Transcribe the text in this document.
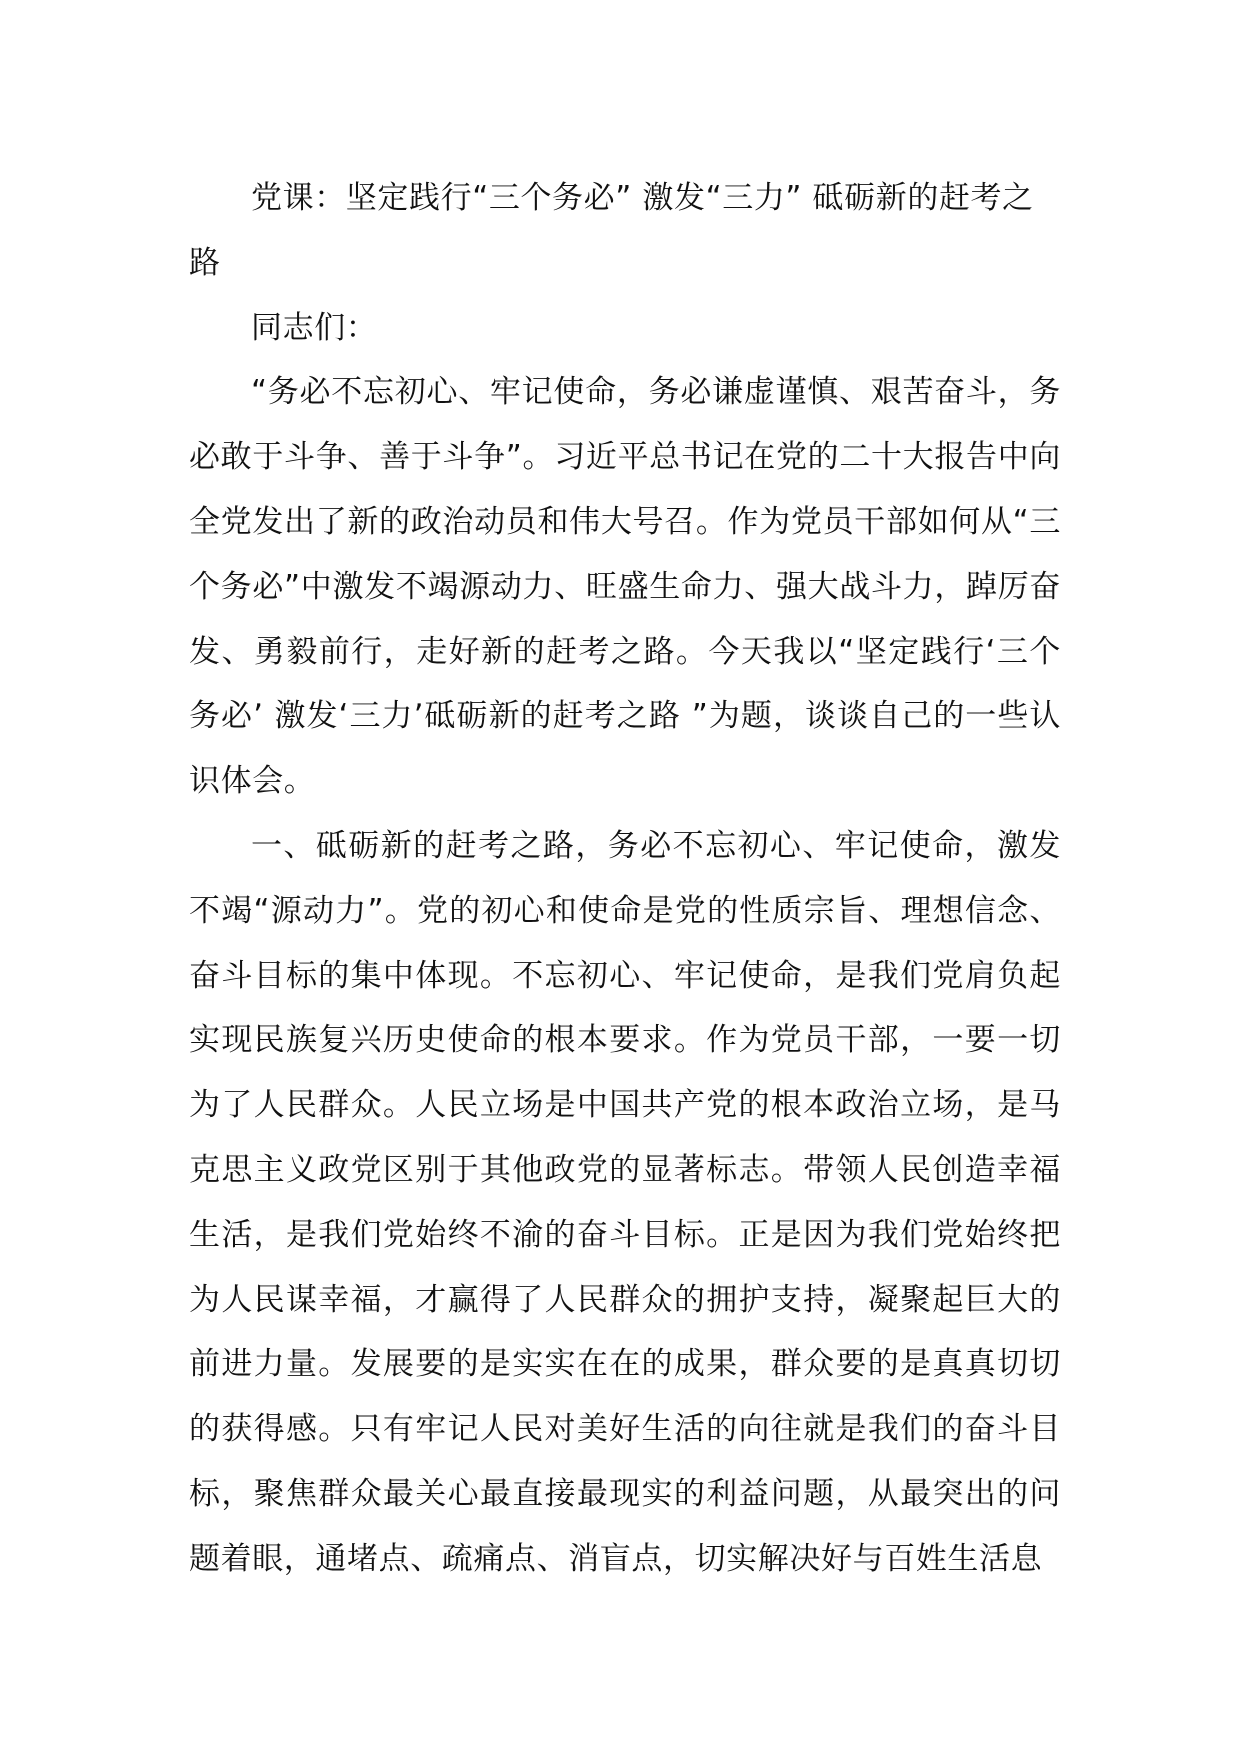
党课：坚定践行“三个务必” 激发“三力” 砥砺新的赶考之路

同志们：

“务必不忘初心、牢记使命，务必谦虚谨慎、艰苦奋斗，务必敢于斗争、善于斗争”。习近平总书记在党的二十大报告中向全党发出了新的政治动员和伟大号召。作为党员干部如何从“三个务必”中激发不竭源动力、旺盛生命力、强大战斗力，踔厉奋发、勇毅前行，走好新的赶考之路。今天我以“坚定践行‘三个务必’ 激发‘三力’砥砺新的赶考之路 ”为题，谈谈自己的一些认识体会。

一、砥砺新的赶考之路，务必不忘初心、牢记使命，激发不竭“源动力”。党的初心和使命是党的性质宗旨、理想信念、奋斗目标的集中体现。不忘初心、牢记使命，是我们党肩负起实现民族复兴历史使命的根本要求。作为党员干部，一要一切为了人民群众。人民立场是中国共产党的根本政治立场，是马克思主义政党区别于其他政党的显著标志。带领人民创造幸福生活，是我们党始终不渝的奋斗目标。正是因为我们党始终把为人民谋幸福，才赢得了人民群众的拥护支持，凝聚起巨大的前进力量。发展要的是实实在在的成果，群众要的是真真切切的获得感。只有牢记人民对美好生活的向往就是我们的奋斗目标，聚焦群众最关心最直接最现实的利益问题，从最突出的问题着眼，通堵点、疏痛点、消盲点，切实解决好与百姓生活息
